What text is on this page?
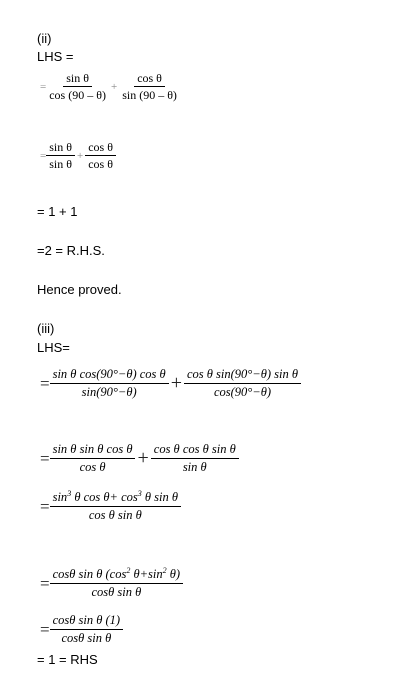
(ii)
LHS =
= $\frac{\text{sin θ}}{\cos (90 - \theta)} + \frac{\text{cos θ}}{\sin (90 - \theta)}$
= $\frac{\text{sin θ}}{\text{sin θ}} + \frac{\text{cos θ}}{\text{cos θ}}$
= 1 + 1
=2 = R.H.S.
Hence proved.
(iii)
LHS=
= $\frac{\text{sin θ cos(90°−θ) cos θ}}{\sin(90^\circ-\theta)} + \frac{\text{cos θ sin(90°−θ) sin θ}}{\cos(90^\circ-\theta)}$
= $\frac{\text{sin θ sin θ cos θ}}{\text{cos θ}} + \frac{\text{cos θ cos θ sin θ}}{\text{sin θ}}$
= $\frac{\sin^3 \theta \cos \theta+ \cos^3 \theta \sin \theta}{\text{cos θ sin θ}}$
= $\frac{\cos\theta \sin \theta (\cos^2 \theta+\sin^2 \theta)}{\text{cosθ sin θ}}$
= $\frac{\text{cosθ sin θ (1)}}{\text{cosθ sin θ}}$
= 1 = RHS
